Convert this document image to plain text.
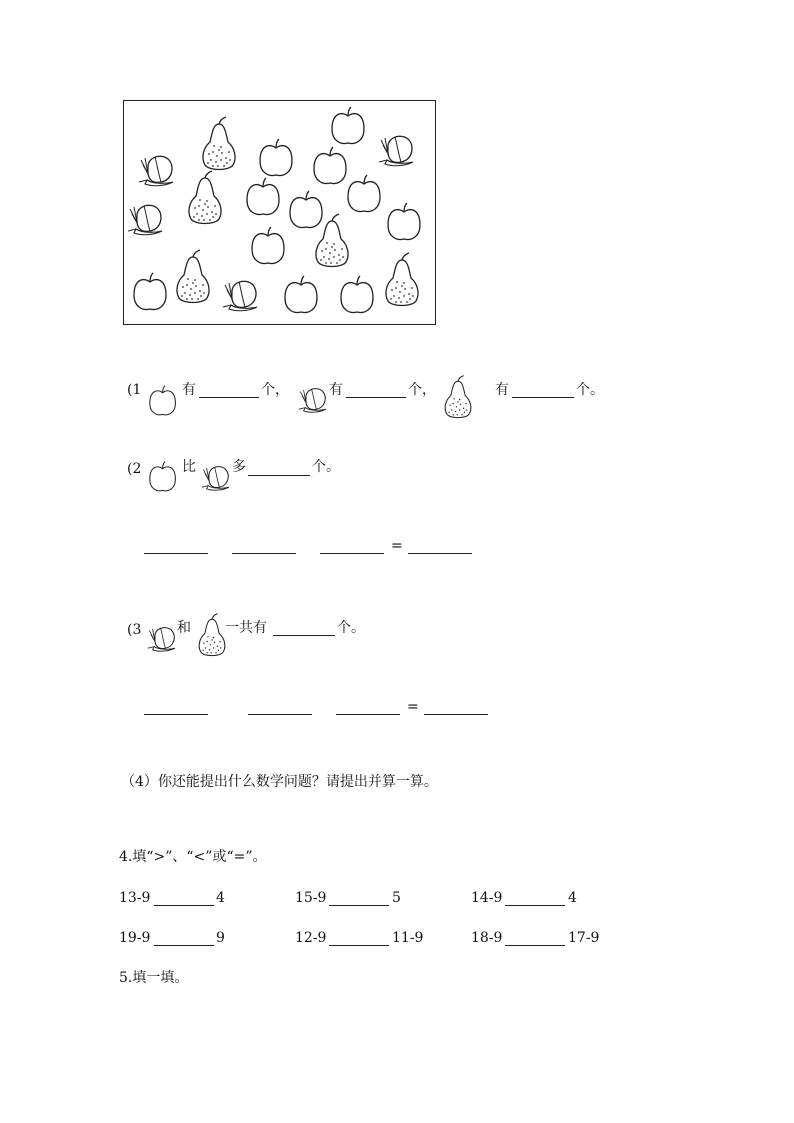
(1	有	个，	有	个，	有	个。
(2	比	多	个。
=
(3	和 一共有	个。
=
（4）你还能提出什么数学问题？请提出并算一算。
4.填“>”、“<”或“=”。
13-9	4	15-9	5	14-9	4
19-9	9	12-9	11-9	18-9	17-9
5.填一填。
